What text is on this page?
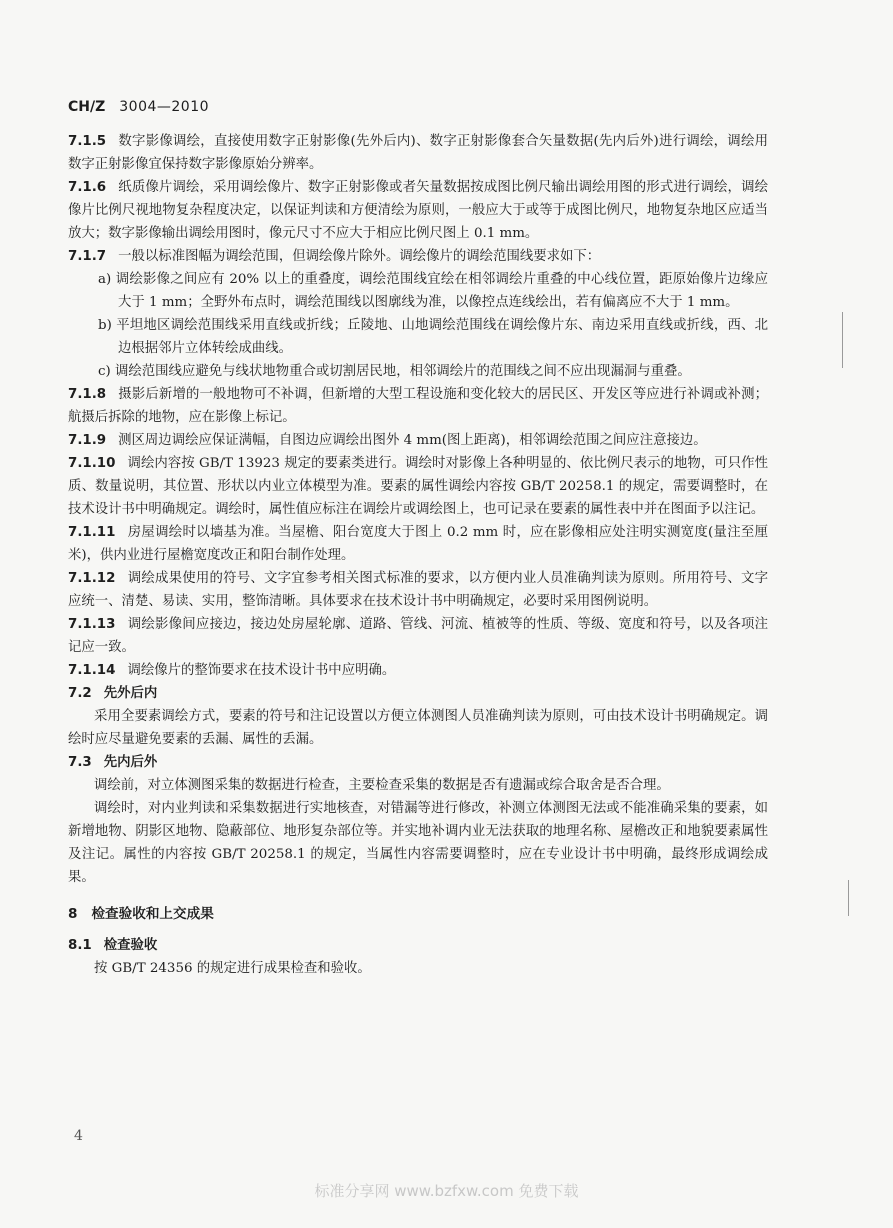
CH/Z 3004—2010

7.1.5 数字影像调绘，直接使用数字正射影像(先外后内)、数字正射影像套合矢量数据(先内后外)进行调绘，调绘用数字正射影像宜保持数字影像原始分辨率。

7.1.6 纸质像片调绘，采用调绘像片、数字正射影像或者矢量数据按成图比例尺输出调绘用图的形式进行调绘，调绘像片比例尺视地物复杂程度决定，以保证判读和方便清绘为原则，一般应大于或等于成图比例尺，地物复杂地区应适当放大；数字影像输出调绘用图时，像元尺寸不应大于相应比例尺图上 0.1 mm。

7.1.7 一般以标准图幅为调绘范围，但调绘像片除外。调绘像片的调绘范围线要求如下：

a) 调绘影像之间应有 20% 以上的重叠度，调绘范围线宜绘在相邻调绘片重叠的中心线位置，距原始像片边缘应大于 1 mm；全野外布点时，调绘范围线以图廓线为准，以像控点连线绘出，若有偏离应不大于 1 mm。

b) 平坦地区调绘范围线采用直线或折线；丘陵地、山地调绘范围线在调绘像片东、南边采用直线或折线，西、北边根据邻片立体转绘成曲线。

c) 调绘范围线应避免与线状地物重合或切割居民地，相邻调绘片的范围线之间不应出现漏洞与重叠。

7.1.8 摄影后新增的一般地物可不补调，但新增的大型工程设施和变化较大的居民区、开发区等应进行补调或补测；航摄后拆除的地物，应在影像上标记。

7.1.9 测区周边调绘应保证满幅，自图边应调绘出图外 4 mm(图上距离)，相邻调绘范围之间应注意接边。

7.1.10 调绘内容按 GB/T 13923 规定的要素类进行。调绘时对影像上各种明显的、依比例尺表示的地物，可只作性质、数量说明，其位置、形状以内业立体模型为准。要素的属性调绘内容按 GB/T 20258.1 的规定，需要调整时，在技术设计书中明确规定。调绘时，属性值应标注在调绘片或调绘图上，也可记录在要素的属性表中并在图面予以注记。

7.1.11 房屋调绘时以墙基为准。当屋檐、阳台宽度大于图上 0.2 mm 时，应在影像相应处注明实测宽度(量注至厘米)，供内业进行屋檐宽度改正和阳台制作处理。

7.1.12 调绘成果使用的符号、文字宜参考相关图式标准的要求，以方便内业人员准确判读为原则。所用符号、文字应统一、清楚、易读、实用，整饰清晰。具体要求在技术设计书中明确规定，必要时采用图例说明。

7.1.13 调绘影像间应接边，接边处房屋轮廓、道路、管线、河流、植被等的性质、等级、宽度和符号，以及各项注记应一致。

7.1.14 调绘像片的整饰要求在技术设计书中应明确。

7.2 先外后内

采用全要素调绘方式，要素的符号和注记设置以方便立体测图人员准确判读为原则，可由技术设计书明确规定。调绘时应尽量避免要素的丢漏、属性的丢漏。

7.3 先内后外

调绘前，对立体测图采集的数据进行检查，主要检查采集的数据是否有遗漏或综合取舍是否合理。

调绘时，对内业判读和采集数据进行实地核查，对错漏等进行修改，补测立体测图无法或不能准确采集的要素，如新增地物、阴影区地物、隐蔽部位、地形复杂部位等。并实地补调内业无法获取的地理名称、屋檐改正和地貌要素属性及注记。属性的内容按 GB/T 20258.1 的规定，当属性内容需要调整时，应在专业设计书中明确，最终形成调绘成果。

8 检查验收和上交成果

8.1 检查验收

按 GB/T 24356 的规定进行成果检查和验收。

4
标准分享网 www.bzfxw.com 免费下载
